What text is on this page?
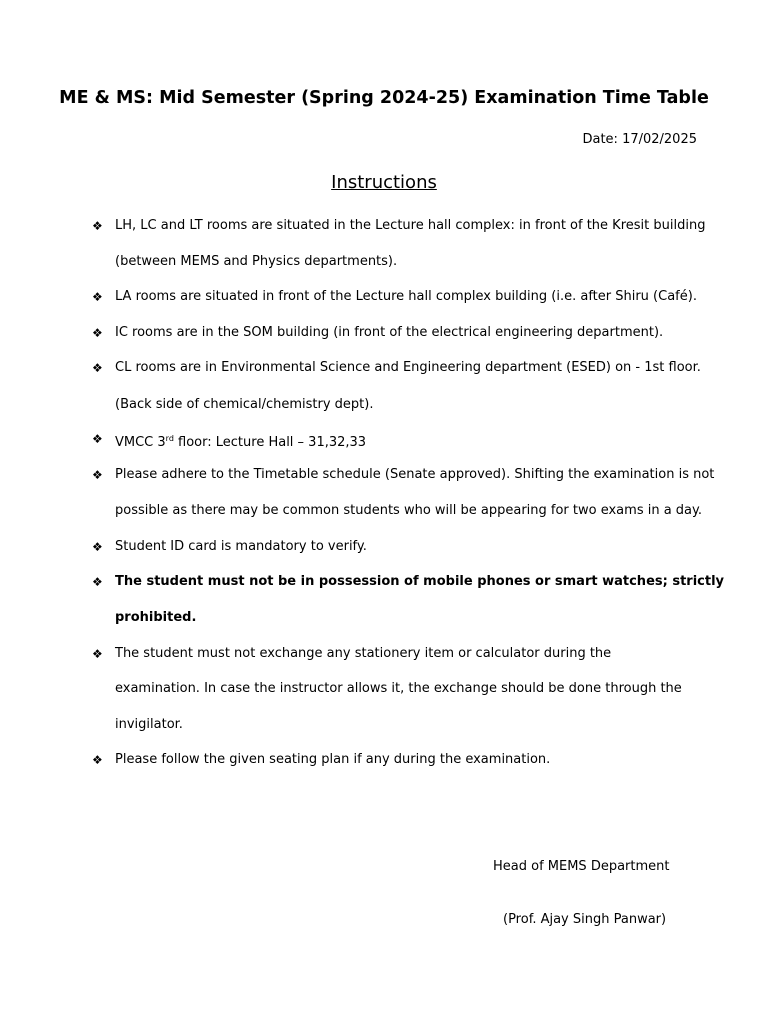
ME & MS: Mid Semester (Spring 2024-25) Examination Time Table
Date: 17/02/2025
Instructions
❖ LH, LC and LT rooms are situated in the Lecture hall complex: in front of the Kresit building
(between MEMS and Physics departments).
❖ LA rooms are situated in front of the Lecture hall complex building (i.e. after Shiru (Café).
❖ IC rooms are in the SOM building (in front of the electrical engineering department).
❖ CL rooms are in Environmental Science and Engineering department (ESED) on - 1st floor.
(Back side of chemical/chemistry dept).
❖ VMCC 3rd floor: Lecture Hall – 31,32,33
❖ Please adhere to the Timetable schedule (Senate approved). Shifting the examination is not
possible as there may be common students who will be appearing for two exams in a day.
❖ Student ID card is mandatory to verify.
❖ The student must not be in possession of mobile phones or smart watches; strictly
prohibited.
❖ The student must not exchange any stationery item or calculator during the
examination. In case the instructor allows it, the exchange should be done through the
invigilator.
❖ Please follow the given seating plan if any during the examination.
Head of MEMS Department
(Prof. Ajay Singh Panwar)
